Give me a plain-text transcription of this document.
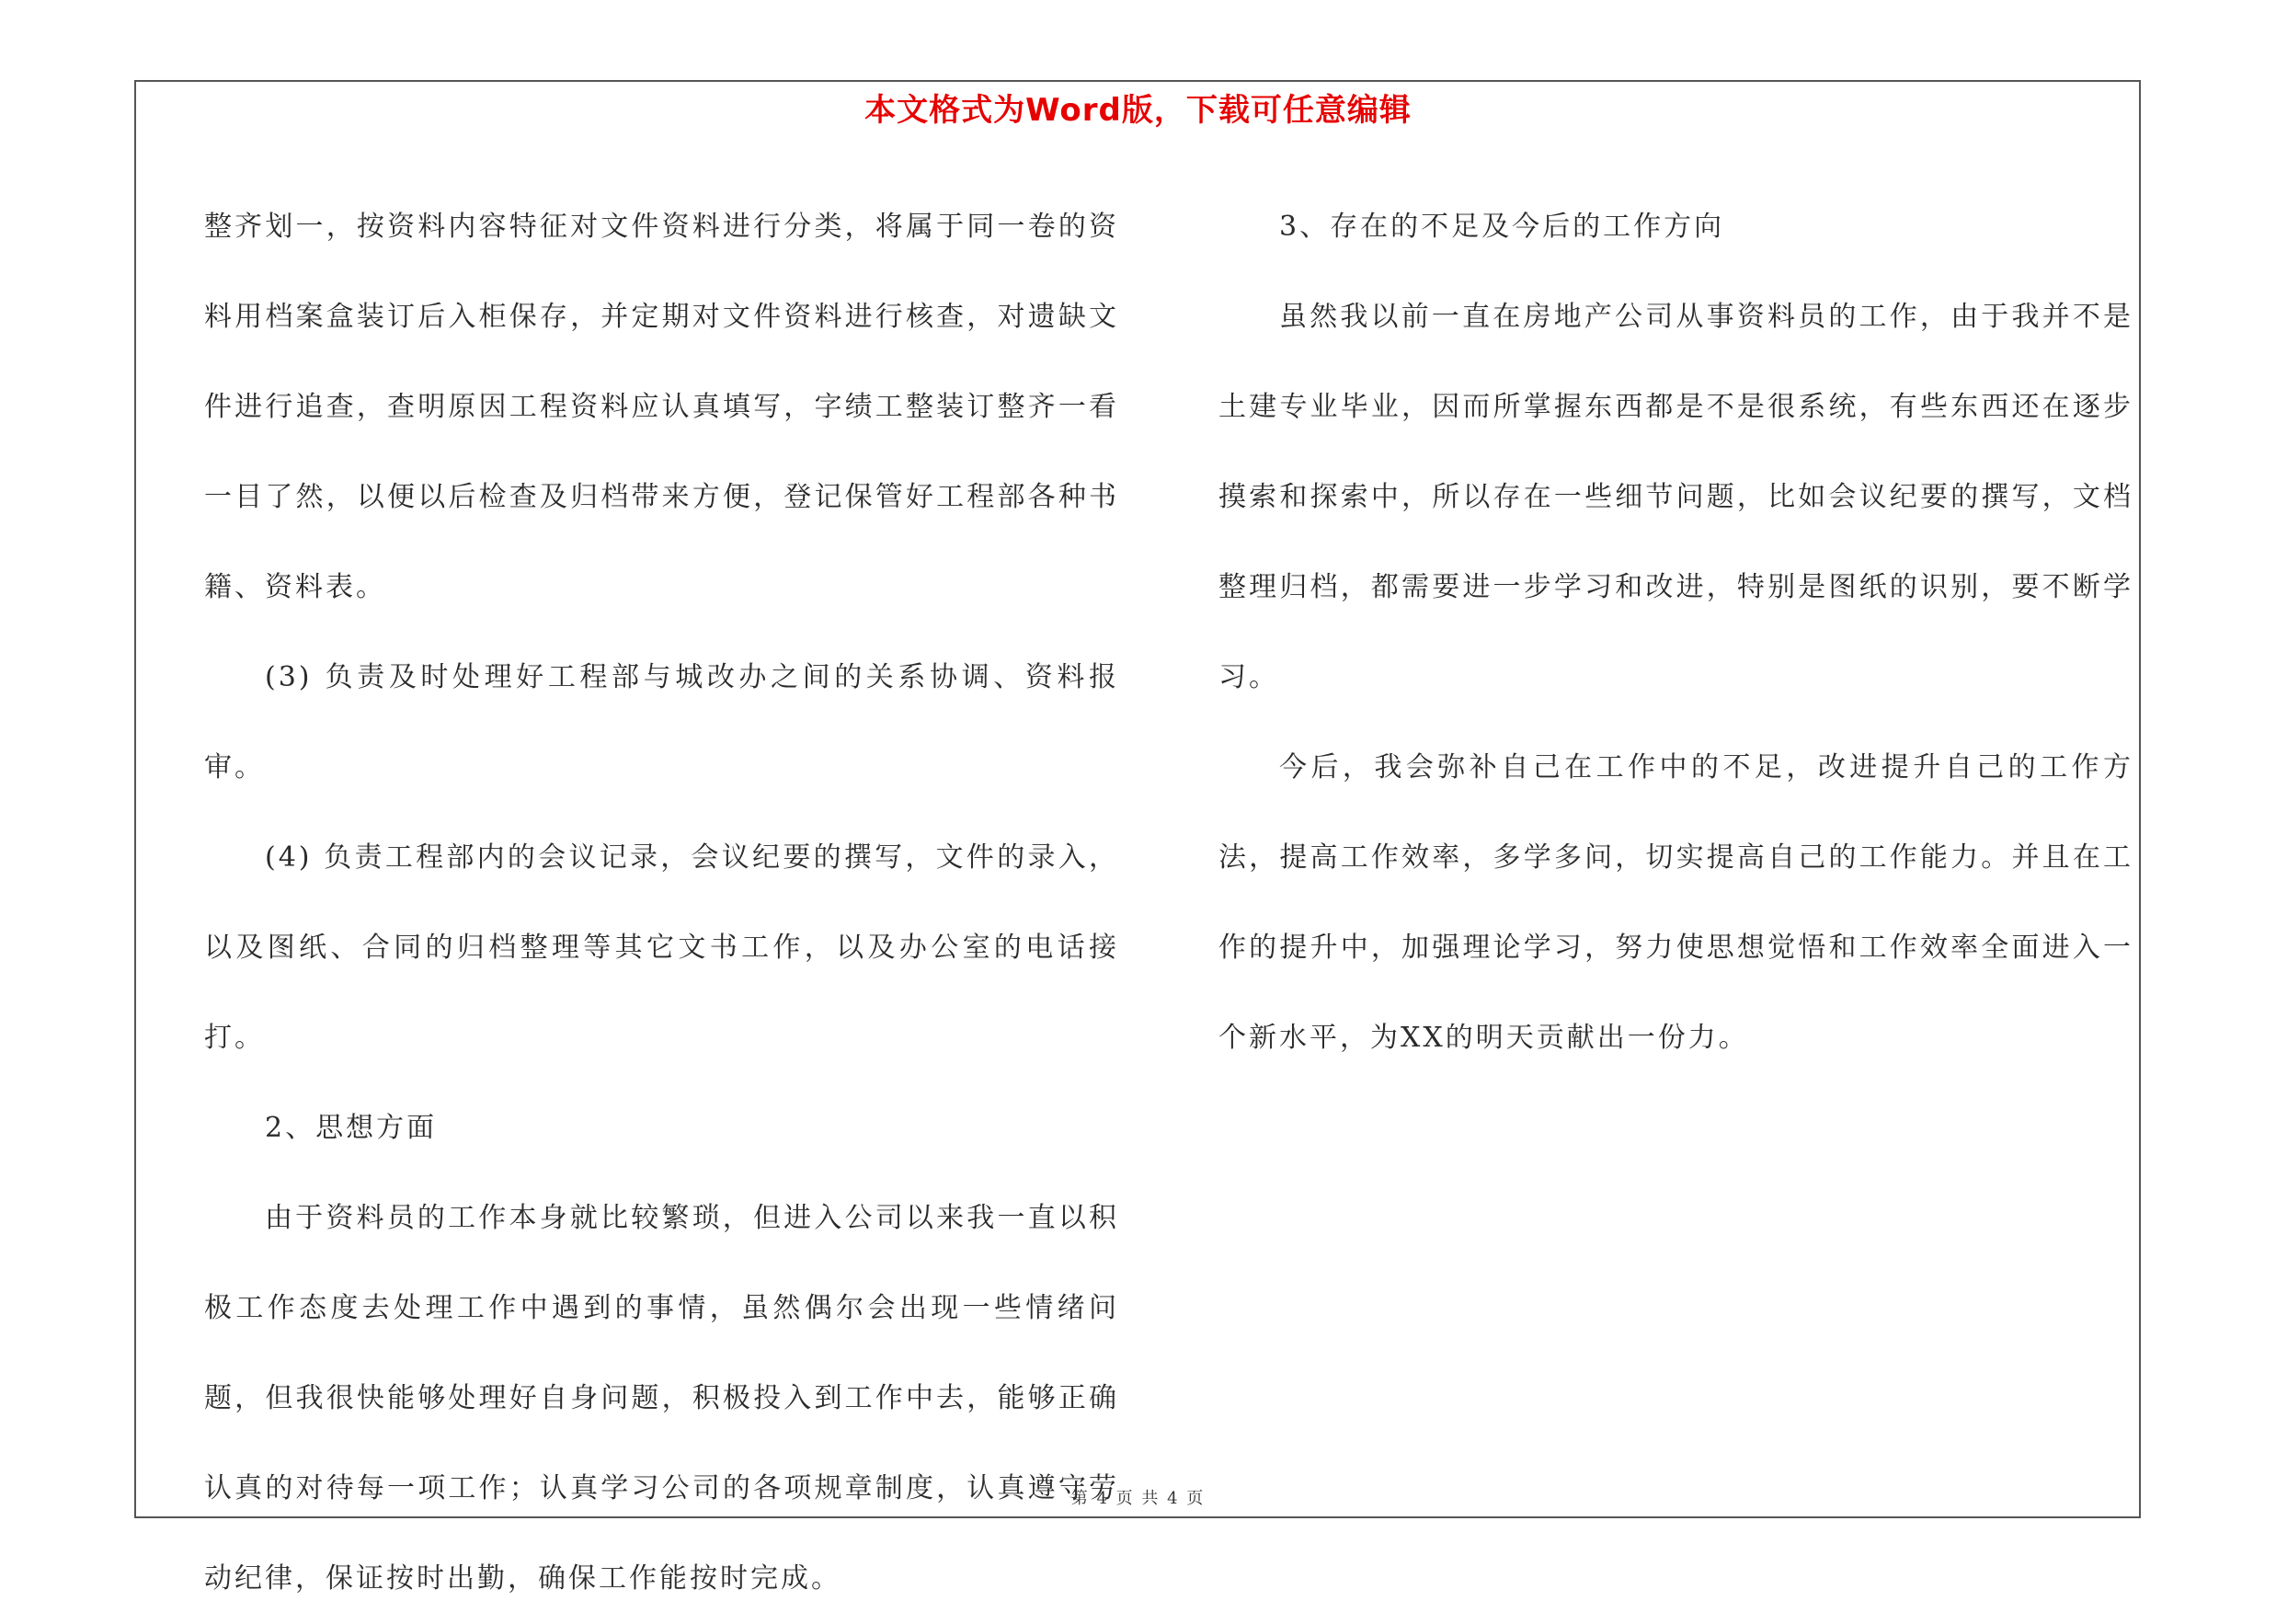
本文格式为Word版，下载可任意编辑

整齐划一，按资料内容特征对文件资料进行分类，将属于同一卷的资料用档案盒装订后入柜保存，并定期对文件资料进行核查，对遗缺文件进行追查，查明原因工程资料应认真填写，字绩工整装订整齐一看一目了然，以便以后检查及归档带来方便，登记保管好工程部各种书籍、资料表。

(3) 负责及时处理好工程部与城改办之间的关系协调、资料报审。

(4) 负责工程部内的会议记录，会议纪要的撰写，文件的录入，以及图纸、合同的归档整理等其它文书工作，以及办公室的电话接打。

2、思想方面

由于资料员的工作本身就比较繁琐，但进入公司以来我一直以积极工作态度去处理工作中遇到的事情，虽然偶尔会出现一些情绪问题，但我很快能够处理好自身问题，积极投入到工作中去，能够正确认真的对待每一项工作；认真学习公司的各项规章制度，认真遵守劳动纪律，保证按时出勤，确保工作能按时完成。

3、存在的不足及今后的工作方向

虽然我以前一直在房地产公司从事资料员的工作，由于我并不是土建专业毕业，因而所掌握东西都是不是很系统，有些东西还在逐步摸索和探索中，所以存在一些细节问题，比如会议纪要的撰写，文档整理归档，都需要进一步学习和改进，特别是图纸的识别，要不断学习。

今后，我会弥补自己在工作中的不足，改进提升自己的工作方法，提高工作效率，多学多问，切实提高自己的工作能力。并且在工作的提升中，加强理论学习，努力使思想觉悟和工作效率全面进入一个新水平，为XX的明天贡献出一份力。

第 4 页 共 4 页
